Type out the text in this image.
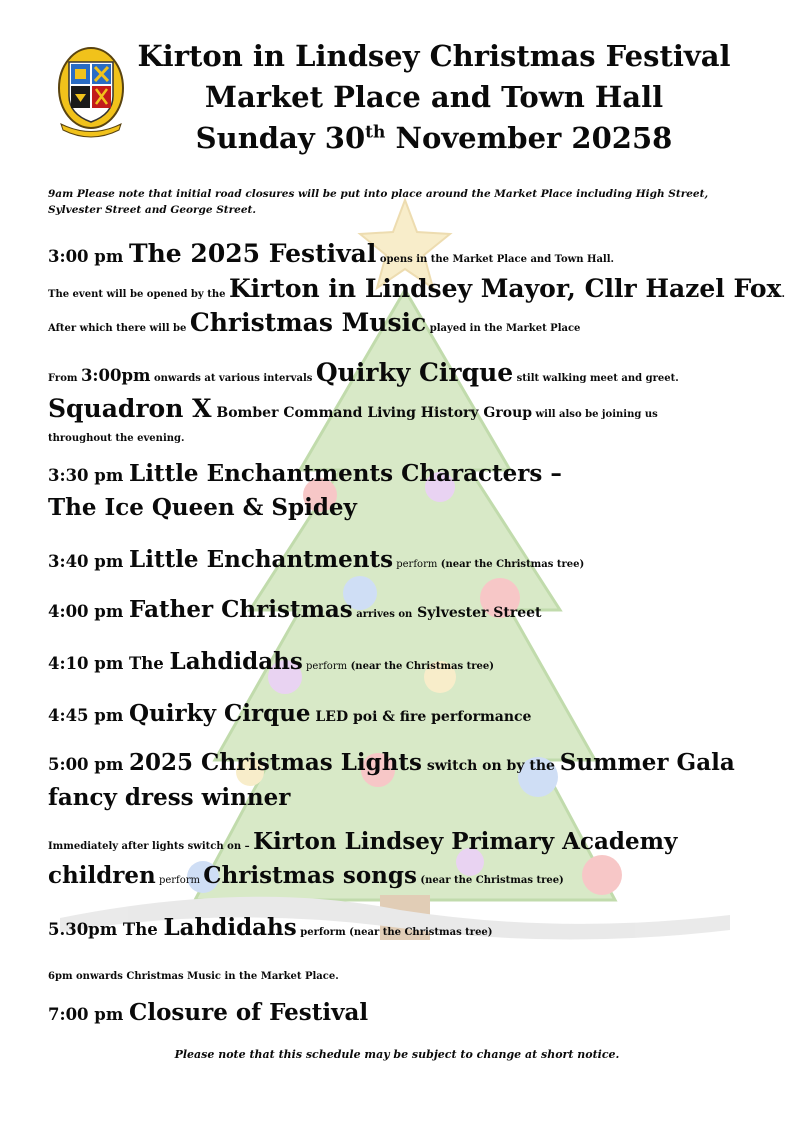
Kirton in Lindsey Christmas Festival
Market Place and Town Hall
Sunday 30th November 20258
9am Please note that initial road closures will be put into place around the Market Place including High Street, Sylvester Street and George Street.
3:00 pm The 2025 Festival opens in the Market Place and Town Hall.
The event will be opened by the Kirton in Lindsey Mayor, Cllr Hazel Fox.
After which there will be Christmas Music played in the Market Place
From 3:00pm onwards at various intervals Quirky Cirque stilt walking meet and greet.
Squadron X Bomber Command Living History Group will also be joining us
throughout the evening.
3:30 pm Little Enchantments Characters –
The Ice Queen & Spidey
3:40 pm Little Enchantments perform (near the Christmas tree)
4:00 pm Father Christmas arrives on Sylvester Street
4:10 pm The Lahdidahs perform (near the Christmas tree)
4:45 pm Quirky Cirque LED poi & fire performance
5:00 pm 2025 Christmas Lights switch on by the Summer Gala
fancy dress winner
Immediately after lights switch on – Kirton Lindsey Primary Academy
children perform Christmas songs (near the Christmas tree)
5.30pm The Lahdidahs perform (near the Christmas tree)
6pm onwards Christmas Music in the Market Place.
7:00 pm Closure of Festival
Please note that this schedule may be subject to change at short notice.
